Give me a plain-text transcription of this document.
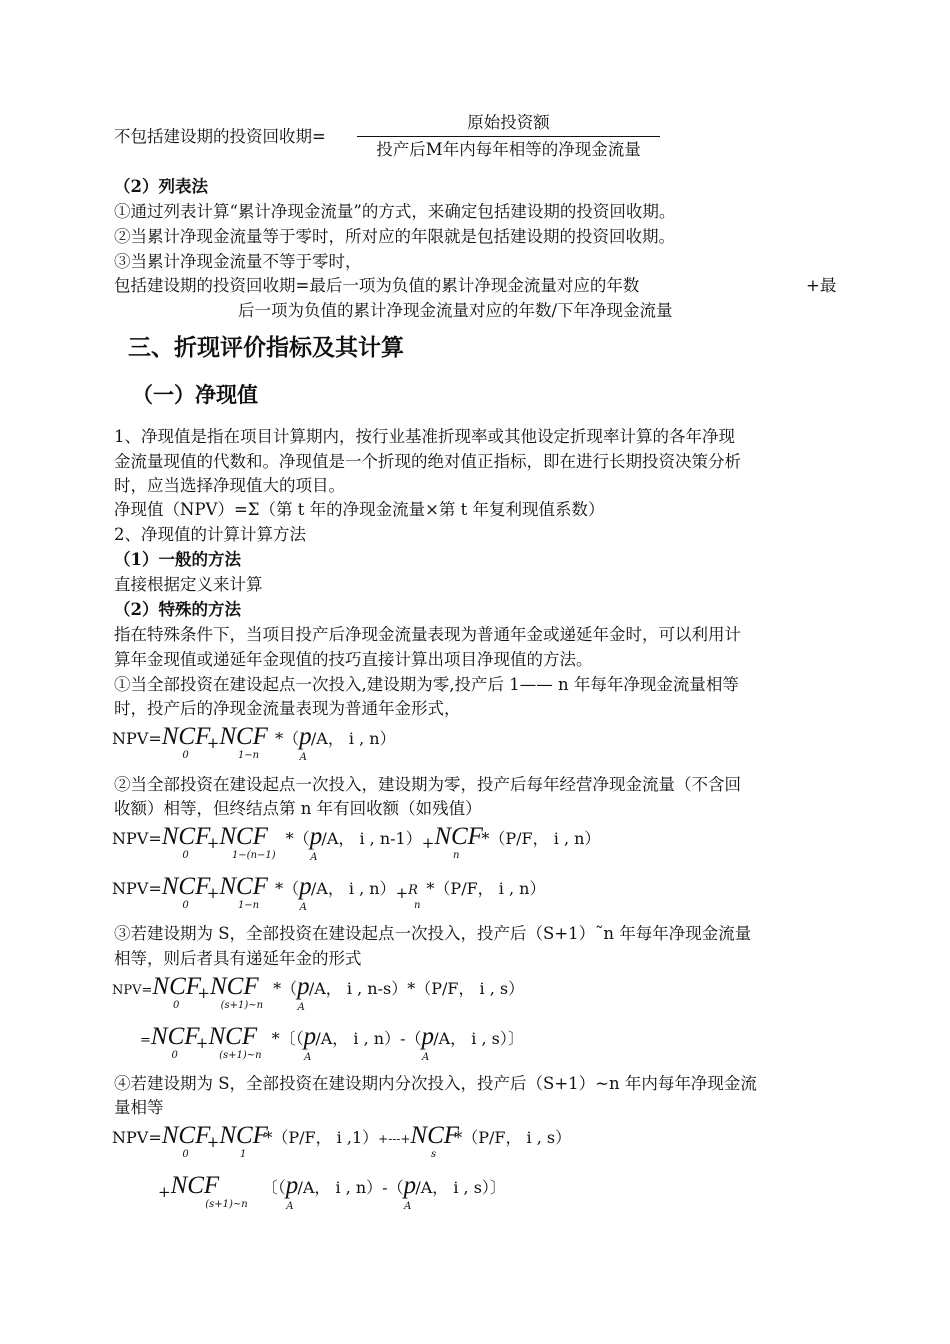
不包括建设期的投资回收期=
原始投资额
投产后M年内每年相等的净现金流量
（2）列表法
①通过列表计算“累计净现金流量”的方式，来确定包括建设期的投资回收期。
②当累计净现金流量等于零时，所对应的年限就是包括建设期的投资回收期。
③当累计净现金流量不等于零时，
包括建设期的投资回收期=最后一项为负值的累计净现金流量对应的年数	+最
后一项为负值的累计净现金流量对应的年数/下年净现金流量
三、折现评价指标及其计算
（一）净现值
1、净现值是指在项目计算期内，按行业基准折现率或其他设定折现率计算的各年净现
金流量现值的代数和。净现值是一个折现的绝对值正指标，即在进行长期投资决策分析
时，应当选择净现值大的项目。
净现值（NPV）=Σ（第 t 年的净现金流量×第 t 年复利现值系数）
2、净现值的计算计算方法
（1）一般的方法
直接根据定义来计算
（2）特殊的方法
指在特殊条件下，当项目投产后净现金流量表现为普通年金或递延年金时，可以利用计
算年金现值或递延年金现值的技巧直接计算出项目净现值的方法。
①当全部投资在建设起点一次投入,建设期为零,投产后 1—— n 年每年净现金流量相等
时，投产后的净现金流量表现为普通年金形式，
$NPV=NCF_0+NCF_{1-n}*(p_A/A$， i , n）
②当全部投资在建设起点一次投入，建设期为零，投产后每年经营净现金流量（不含回
收额）相等，但终结点第 n 年有回收额（如残值）
$NPV=NCF_0+NCF_{1-(n-1)}*(p_A/A$， i , $n-1)+NCF_n*(P/F$， i , n）
$NPV=NCF_0+NCF_{1-n}*(p_A/A$， i , $n)+R_n*(P/F$， i , n）
③若建设期为 S，全部投资在建设起点一次投入，投产后（S+1）˜n 年每年净现金流量
相等，则后者具有递延年金的形式
$NPV=NCF_0+NCF_{(s+1)\sim n}*(p_A/A$， i , n-s）*（P/F， i , s）
$=NCF_0+NCF_{(s+1)\sim n}*$〔（$p_A/A$， i , $n)-(p_A/A$， i , s）〕
④若建设期为 S，全部投资在建设期内分次投入，投产后（S+1）~n 年内每年净现金流
量相等
$NPV=NCF_0+NCF_1*(P/F$， i $,1)+---+NCF_s*(P/F$， i , s）
$+NCF_{(s+1)\sim n}$〔（$p_A/A$， i , $n)-(p_A/A$， i , s）〕
